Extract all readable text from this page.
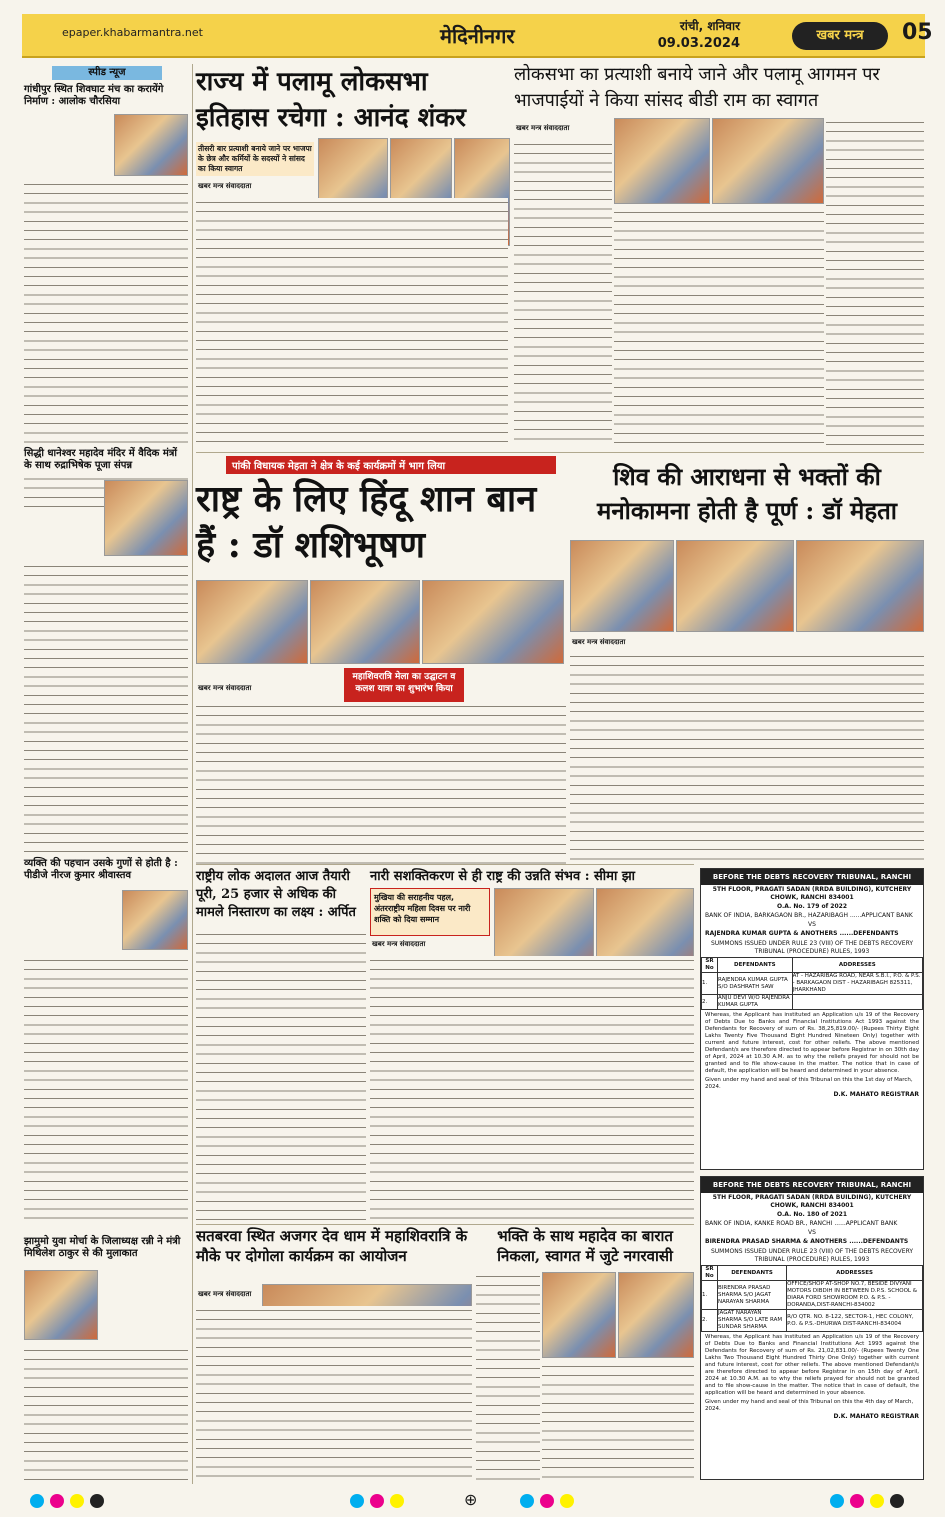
epaper.khabarmantra.net	मेदिनीनगर	रांची, शनिवार
09.03.2024
खबर मन्त्र	05
स्पीड न्यूज
गांधीपुर स्थित शिवघाट मंच का करायेंगे निर्माण : आलोक चौरसिया
सिद्धी धानेश्वर महादेव मंदिर में वैदिक मंत्रों के साथ रुद्राभिषेक पूजा संपन्न
व्यक्ति की पहचान उसके गुणों से होती है : पीडीजे नीरज कुमार श्रीवास्तव
झामुमो युवा मोर्चा के जिलाध्यक्ष रन्नी ने मंत्री मिथिलेश ठाकुर से की मुलाकात
राज्य में पलामू लोकसभा इतिहास रचेगा : आनंद शंकर
तीसरी बार प्रत्याशी बनाये जाने पर भाजपा के छेत्र और कर्मियों के सदस्यों ने सांसद का किया स्वागत
खबर मन्त्र संवाददाता
लोकसभा का प्रत्याशी बनाये जाने और पलामू आगमन पर भाजपाईयों ने किया सांसद बीडी राम का स्वागत
खबर मन्त्र संवाददाता
पांकी विधायक मेहता ने क्षेत्र के कई कार्यक्रमों में भाग लिया
राष्ट्र के लिए हिंदू शान बान हैं : डॉ शशिभूषण
खबर मन्त्र संवाददाता
महाशिवरात्रि मेला का उद्घाटन व कलश यात्रा का शुभारंभ किया
शिव की आराधना से भक्तों की मनोकामना होती है पूर्ण : डॉ मेहता
खबर मन्त्र संवाददाता
राष्ट्रीय लोक अदालत आज तैयारी पूरी, 25 हजार से अधिक की मामले निस्तारण का लक्ष्य : अर्पित
नारी सशक्तिकरण से ही राष्ट्र की उन्नति संभव : सीमा झा
मुखिया की सराहनीय पहल, अंतरराष्ट्रीय महिला दिवस पर नारी शक्ति को दिया सम्मान
खबर मन्त्र संवाददाता
BEFORE THE DEBTS RECOVERY TRIBUNAL, RANCHI
5TH FLOOR, PRAGATI SADAN (RRDA BUILDING), KUTCHERY CHOWK, RANCHI 834001
O.A. No. 179 of 2022
BANK OF INDIA, BARKAGAON BR., HAZARIBAGH ......APPLICANT BANK
VS
RAJENDRA KUMAR GUPTA & ANOTHERS ......DEFENDANTS
SUMMONS ISSUED UNDER RULE 23 (VIII) OF THE DEBTS RECOVERY TRIBUNAL (PROCEDURE) RULES, 1993
SR No	DEFENDANTS	ADDRESSES
1.	RAJENDRA KUMAR GUPTA S/O DASHRATH SAW	AT - HAZARIBAG ROAD, NEAR S.B.I., P.O. & P.S. - BARKAGAON DIST - HAZARIBAGH 825311, JHARKHAND
2.	ANJU DEVI W/O RAJENDRA KUMAR GUPTA	
Whereas, the Applicant has instituted an Application u/s 19 of the Recovery of Debts Due to Banks and Financial Institutions Act 1993 against the Defendants for Recovery of sum of Rs. 38,25,819.00/- (Rupees Thirty Eight Lakhs Twenty Five Thousand Eight Hundred Nineteen Only) together with current and future interest, cost for other reliefs. The above mentioned Defendant/s are therefore directed to appear before Registrar in on 30th day of April, 2024 at 10.30 A.M. as to why the reliefs prayed for should not be granted and to file show-cause in the matter. The notice that in case of default, the application will be heard and determined in your absence.
Given under my hand and seal of this Tribunal on this the 1st day of March, 2024.
D.K. MAHATO REGISTRAR
BEFORE THE DEBTS RECOVERY TRIBUNAL, RANCHI
5TH FLOOR, PRAGATI SADAN (RRDA BUILDING), KUTCHERY CHOWK, RANCHI 834001
O.A. No. 180 of 2021
BANK OF INDIA, KANKE ROAD BR., RANCHI ......APPLICANT BANK
VS
BIRENDRA PRASAD SHARMA & ANOTHERS ......DEFENDANTS
SUMMONS ISSUED UNDER RULE 23 (VIII) OF THE DEBTS RECOVERY TRIBUNAL (PROCEDURE) RULES, 1993
SR No	DEFENDANTS	ADDRESSES
1.	BIRENDRA PRASAD SHARMA S/O JAGAT NARAYAN SHARMA	OFFICE/SHOP AT-SHOP NO.7, BESIDE DIVYANI MOTORS DIBDIH IN BETWEEN D.P.S. SCHOOL & DIARA FORD SHOWROOM P.O. & P.S. - DORANDA,DIST-RANCHI-834002
2.	JAGAT NARAYAN SHARMA S/O LATE RAM SUNDAR SHARMA	R/O QTR. NO. 8-122, SECTOR-1, HEC COLONY, P.O. & P.S.-DHURWA DIST-RANCHI-834004
Whereas, the Applicant has instituted an Application u/s 19 of the Recovery of Debts Due to Banks and Financial Institutions Act 1993 against the Defendants for Recovery of sum of Rs. 21,02,831.00/- (Rupees Twenty One Lakhs Two Thousand Eight Hundred Thirty One Only) together with current and future interest, cost for other reliefs. The above mentioned Defendant/s are therefore directed to appear before Registrar in on 15th day of April, 2024 at 10.30 A.M. as to why the reliefs prayed for should not be granted and to file show-cause in the matter. The notice that in case of default, the application will be heard and determined in your absence.
Given under my hand and seal of this Tribunal on this the 4th day of March, 2024.
D.K. MAHATO REGISTRAR
सतबरवा स्थित अजगर देव धाम में महाशिवरात्रि के मौके पर दोगोला कार्यक्रम का आयोजन
खबर मन्त्र संवाददाता
भक्ति के साथ महादेव का बारात निकला, स्वागत में जुटे नगरवासी
⊕
